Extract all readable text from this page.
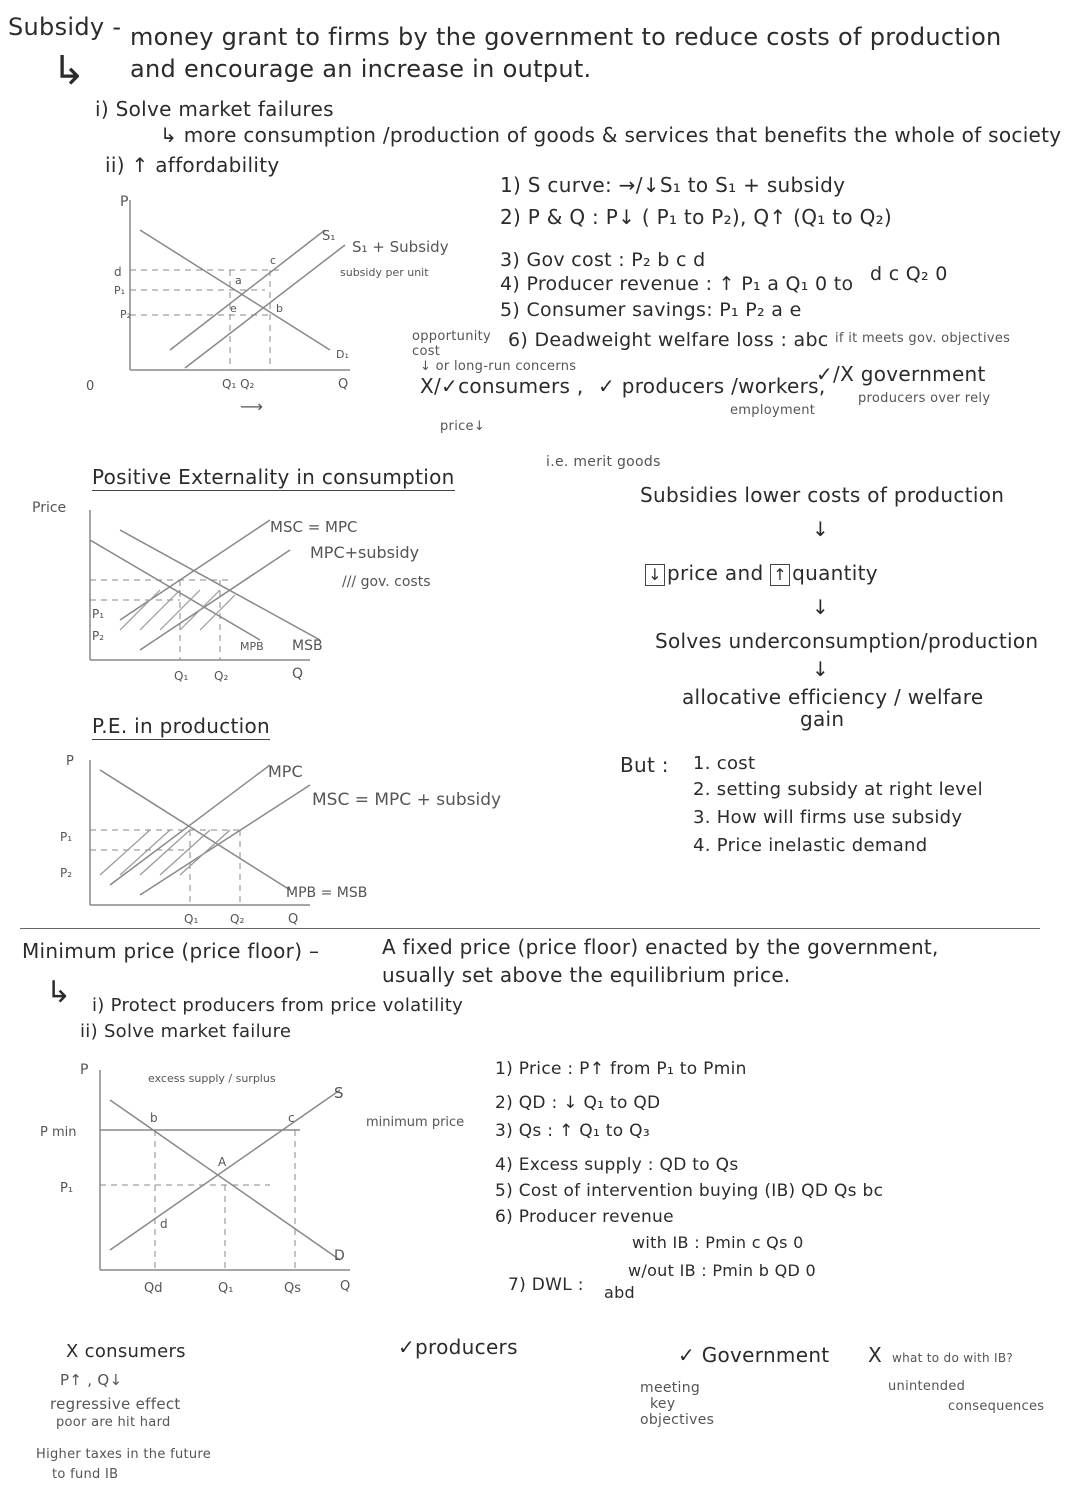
Subsidy - money grant to firms by the government to reduce costs of production
and encourage an increase in output.
↳
i) Solve market failures
↳ more consumption /production of goods & services that benefits the whole of society
ii) ↑ affordability
P
Q
0
S₁
S₁ + Subsidy
subsidy per unit
D₁
d
P₁
P₂
a
c
e	b
Q₁ Q₂
⟶
1) S curve: →/↓S₁ to S₁ + subsidy
2) P & Q : P↓ ( P₁ to P₂), Q↑ (Q₁ to Q₂)
3) Gov cost : P₂ b c d
4) Producer revenue : ↑ P₁ a Q₁ 0 to d c Q₂ 0
5) Consumer savings: P₁ P₂ a e
6) Deadweight welfare loss : abc
opportunity cost
↓ or long-run concerns
if it meets gov. objectives
X/✓consumers , ✓ producers /workers,
✓/X government
producers over rely
employment
price↓
Positive Externality in consumption
i.e. merit goods
Price
MSC = MPC
MPC+subsidy
/// gov. costs
P₁
P₂
Q₁ Q₂
MPB MSB
Q
P.E. in production
P
MPC
MSC = MPC + subsidy
MPB = MSB
P₁
P₂
Q₁	Q₂	Q
Subsidies lower costs of production
↓
↓ price and ↑ quantity
↓
Solves underconsumption/production
↓
allocative efficiency / welfare
gain
But : 1. cost
2. setting subsidy at right level
3. How will firms use subsidy
4. Price inelastic demand
Minimum price (price floor) –	A fixed price (price floor) enacted by the government,
usually set above the equilibrium price.
↳ i) Protect producers from price volatility
ii) Solve market failure
P
P min
P₁
excess supply / surplus
S
D
Q
b	c
A
d
Qd	Q₁	Qs
minimum price
1) Price : P↑ from P₁ to Pmin
2) QD : ↓ Q₁ to QD
3) Qs : ↑ Q₁ to Q₃
4) Excess supply : QD to Qs
5) Cost of intervention buying (IB) QD Qs bc
6) Producer revenue
with IB : Pmin c Qs 0
w/out IB : Pmin b QD 0
7) DWL : abd
X consumers
P↑ , Q↓
regressive effect
poor are hit hard
Higher taxes in the future
to fund IB
✓producers	✓ Government X what to do with IB?
unintended
consequences
meeting
key
objectives
